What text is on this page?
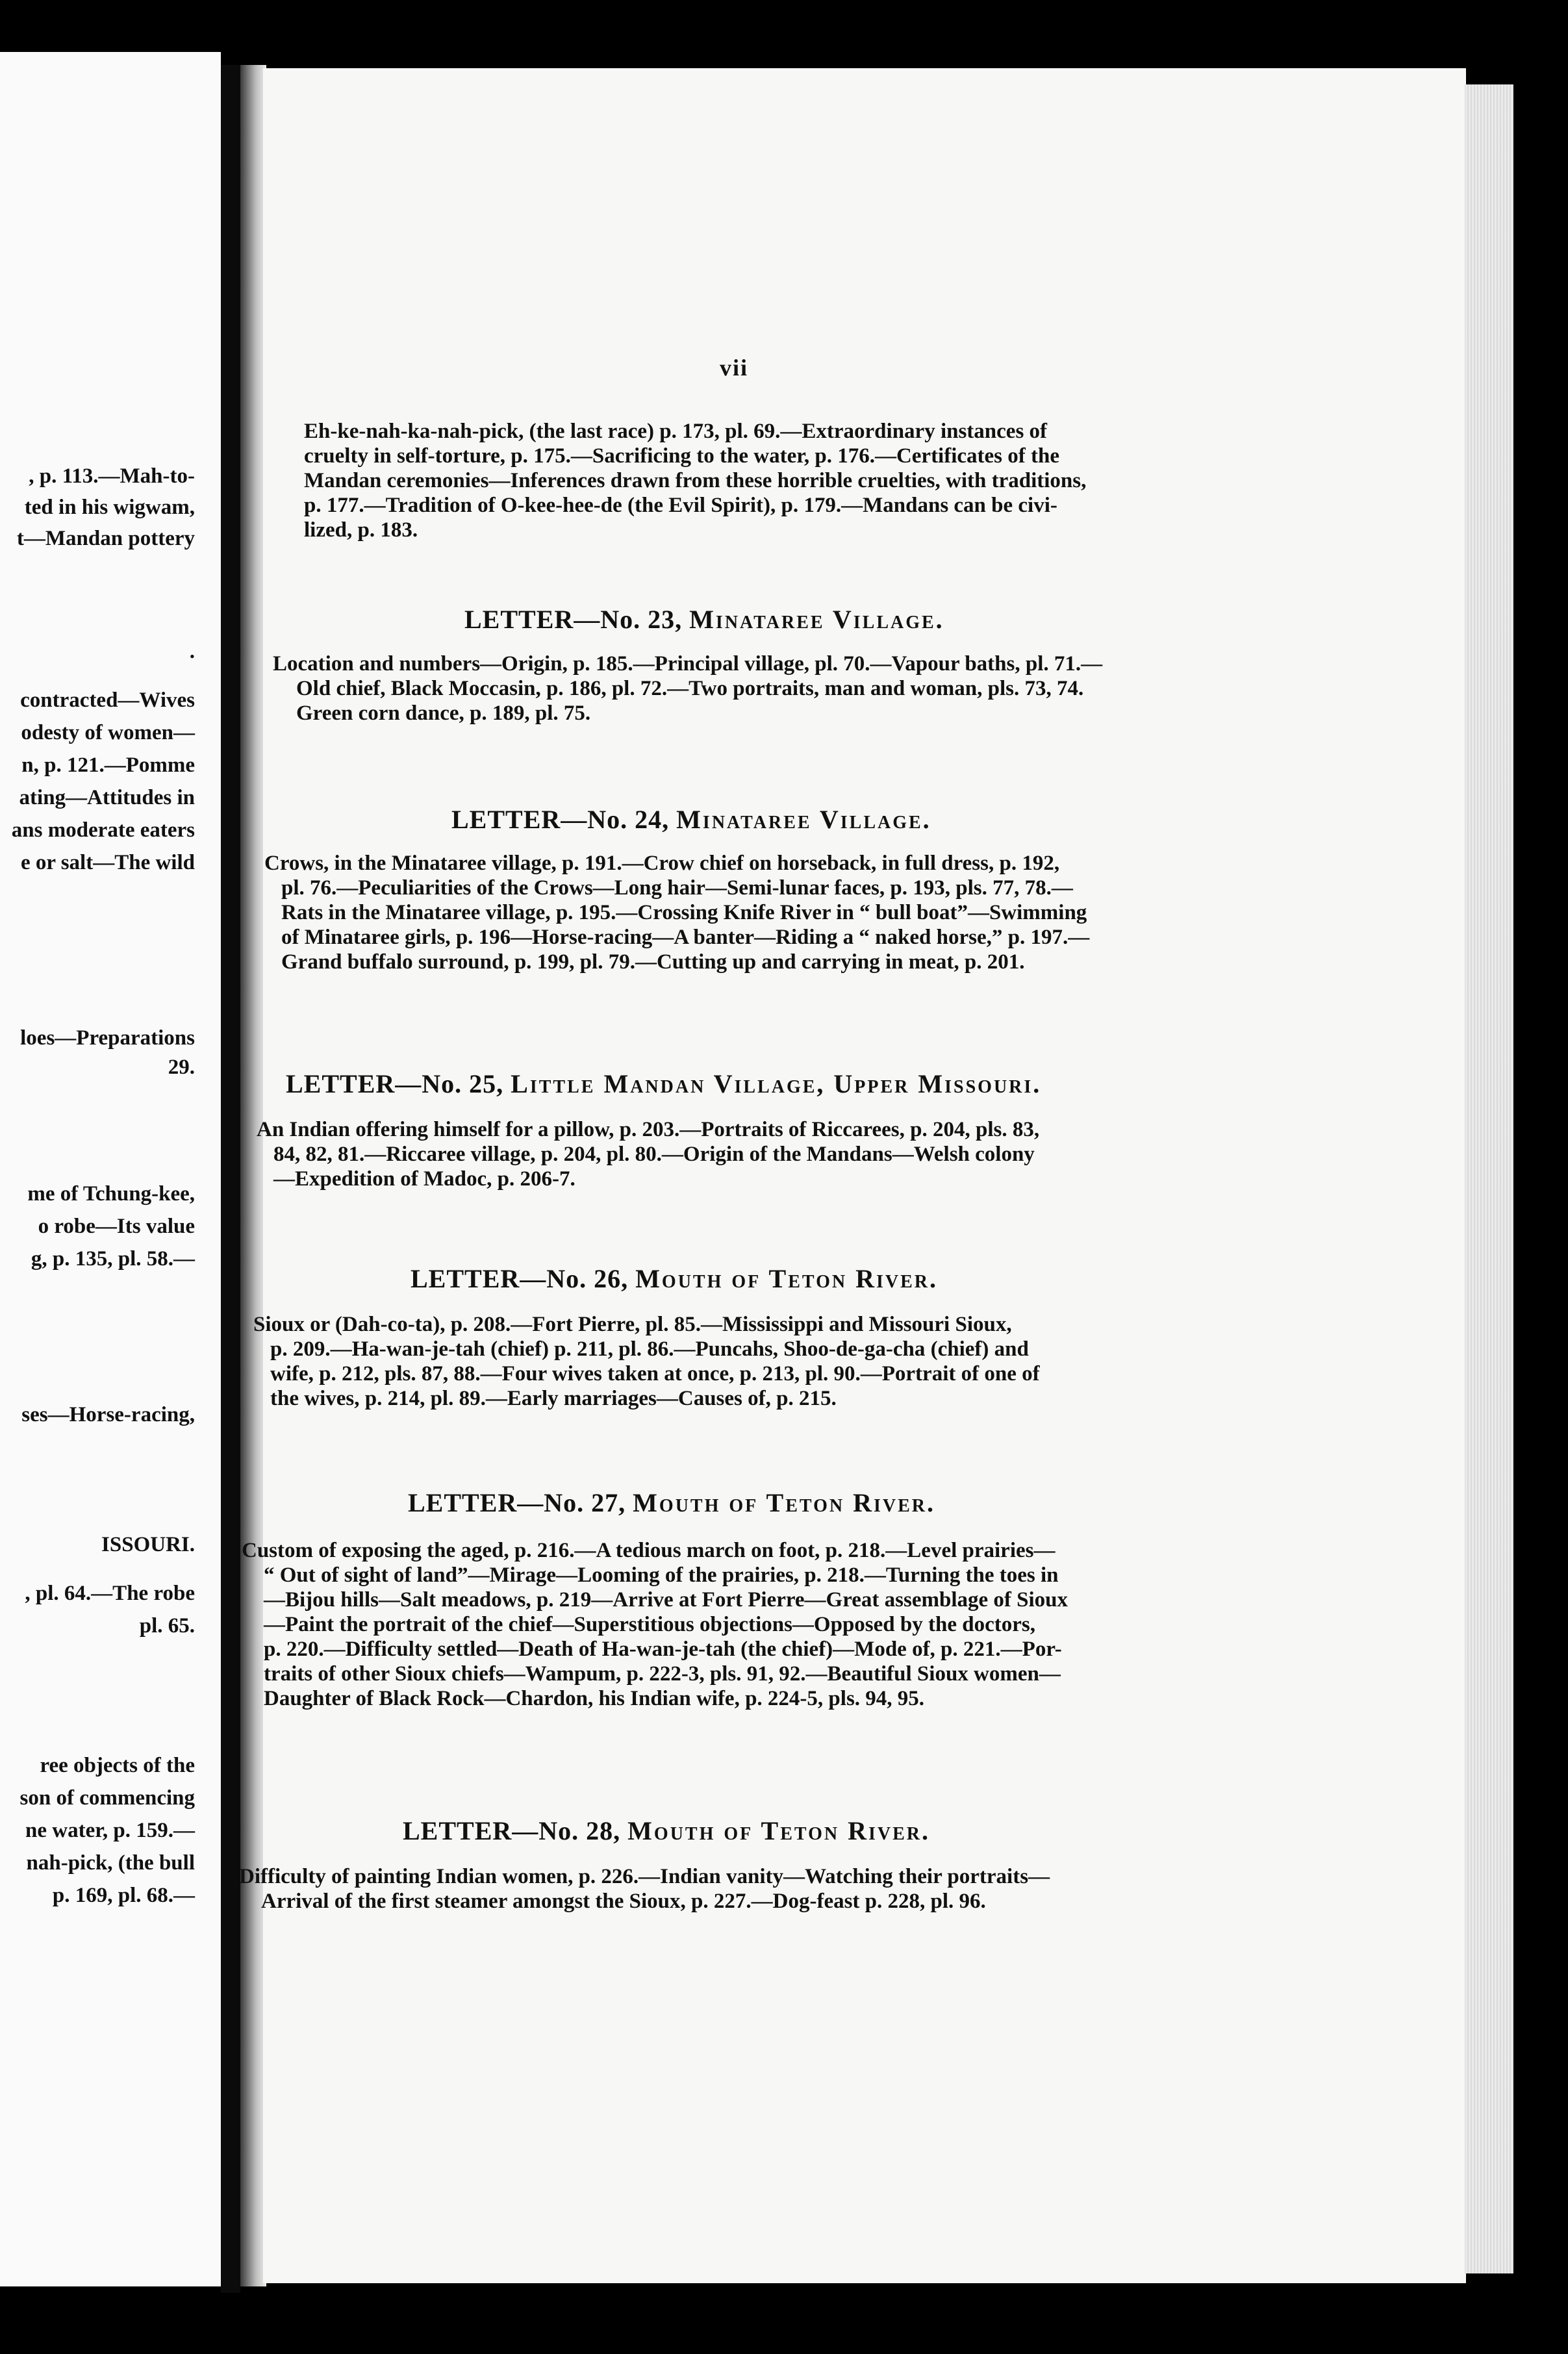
, p. 113.—Mah-to-
ted in his wigwam,
t—Mandan pottery
.
contracted—Wives
odesty of women—
n, p. 121.—Pomme
ating—Attitudes in
ans moderate eaters
e or salt—The wild
loes—Preparations
29.
me of Tchung-kee,
o robe—Its value
g, p. 135, pl. 58.—
ses—Horse-racing,
ISSOURI.
, pl. 64.—The robe
pl. 65.
ree objects of the
son of commencing
ne water, p. 159.—
nah-pick, (the bull
p. 169, pl. 68.—
vii
Eh-ke-nah-ka-nah-pick, (the last race) p. 173, pl. 69.—Extraordinary instances of
cruelty in self-torture, p. 175.—Sacrificing to the water, p. 176.—Certificates of the
Mandan ceremonies—Inferences drawn from these horrible cruelties, with traditions,
p. 177.—Tradition of O-kee-hee-de (the Evil Spirit), p. 179.—Mandans can be civi-
lized, p. 183.
LETTER—No. 23, Minataree Village.
Location and numbers—Origin, p. 185.—Principal village, pl. 70.—Vapour baths, pl. 71.—
Old chief, Black Moccasin, p. 186, pl. 72.—Two portraits, man and woman, pls. 73, 74.
Green corn dance, p. 189, pl. 75.
LETTER—No. 24, Minataree Village.
Crows, in the Minataree village, p. 191.—Crow chief on horseback, in full dress, p. 192,
pl. 76.—Peculiarities of the Crows—Long hair—Semi-lunar faces, p. 193, pls. 77, 78.—
Rats in the Minataree village, p. 195.—Crossing Knife River in “ bull boat”—Swimming
of Minataree girls, p. 196—Horse-racing—A banter—Riding a “ naked horse,” p. 197.—
Grand buffalo surround, p. 199, pl. 79.—Cutting up and carrying in meat, p. 201.
LETTER—No. 25, Little Mandan Village, Upper Missouri.
An Indian offering himself for a pillow, p. 203.—Portraits of Riccarees, p. 204, pls. 83,
84, 82, 81.—Riccaree village, p. 204, pl. 80.—Origin of the Mandans—Welsh colony
—Expedition of Madoc, p. 206-7.
LETTER—No. 26, Mouth of Teton River.
Sioux or (Dah-co-ta), p. 208.—Fort Pierre, pl. 85.—Mississippi and Missouri Sioux,
p. 209.—Ha-wan-je-tah (chief) p. 211, pl. 86.—Puncahs, Shoo-de-ga-cha (chief) and
wife, p. 212, pls. 87, 88.—Four wives taken at once, p. 213, pl. 90.—Portrait of one of
the wives, p. 214, pl. 89.—Early marriages—Causes of, p. 215.
LETTER—No. 27, Mouth of Teton River.
Custom of exposing the aged, p. 216.—A tedious march on foot, p. 218.—Level prairies—
“ Out of sight of land”—Mirage—Looming of the prairies, p. 218.—Turning the toes in
—Bijou hills—Salt meadows, p. 219—Arrive at Fort Pierre—Great assemblage of Sioux
—Paint the portrait of the chief—Superstitious objections—Opposed by the doctors,
p. 220.—Difficulty settled—Death of Ha-wan-je-tah (the chief)—Mode of, p. 221.—Por-
traits of other Sioux chiefs—Wampum, p. 222-3, pls. 91, 92.—Beautiful Sioux women—
Daughter of Black Rock—Chardon, his Indian wife, p. 224-5, pls. 94, 95.
LETTER—No. 28, Mouth of Teton River.
Difficulty of painting Indian women, p. 226.—Indian vanity—Watching their portraits—
Arrival of the first steamer amongst the Sioux, p. 227.—Dog-feast p. 228, pl. 96.
